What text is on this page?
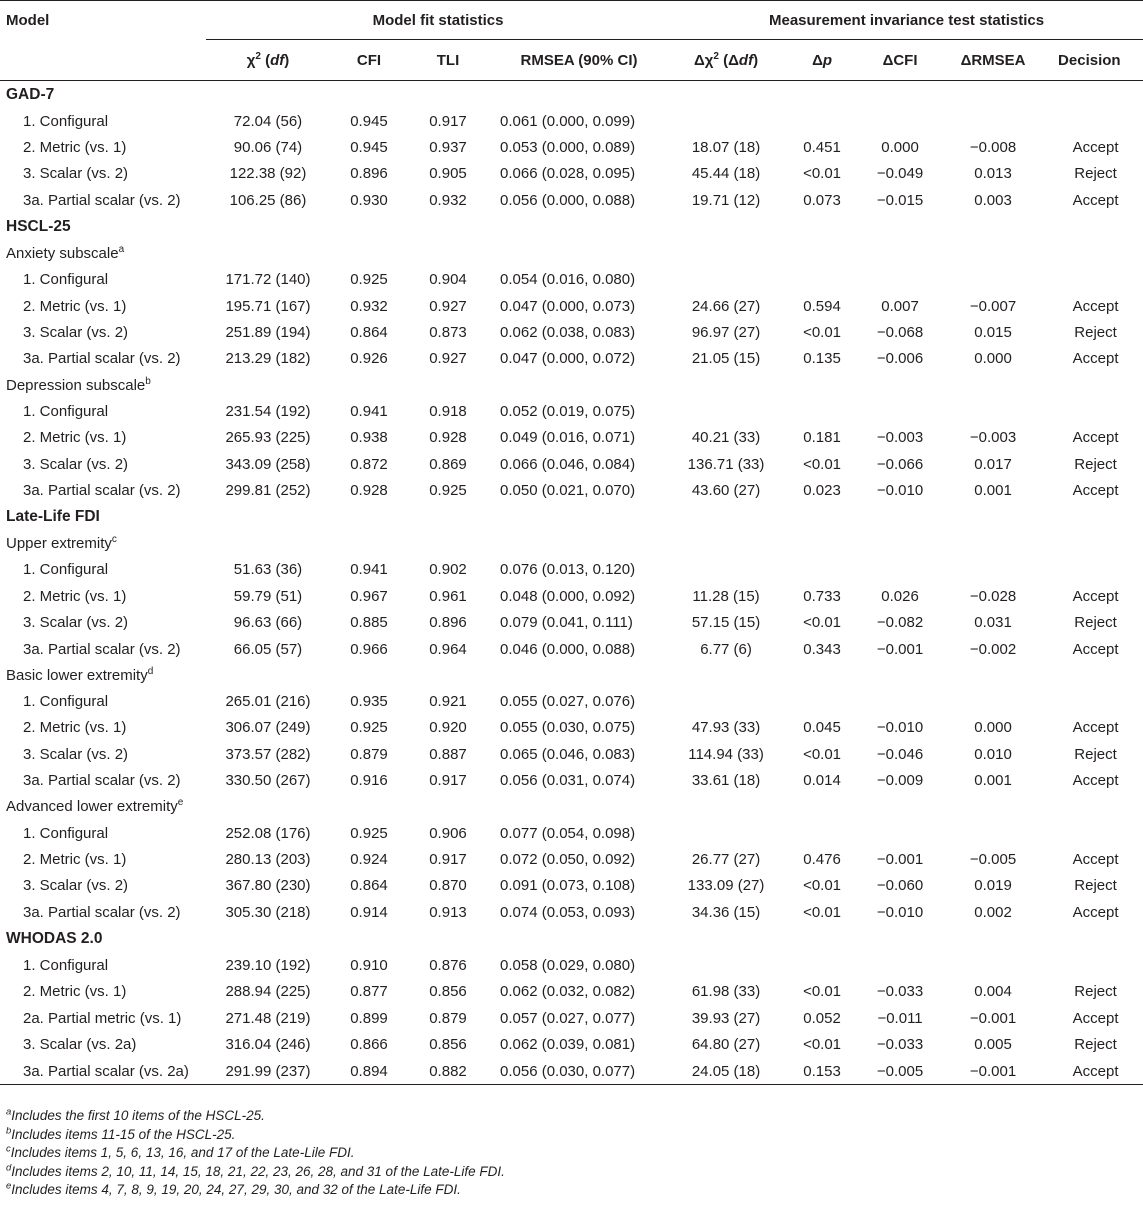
Model	Model fit statistics				Measurement invariance test statistics				
	$\chi^2$ (df)	CFI	TLI	RMSEA (90% CI)	$\Delta\chi^2$ (Δdf)	Δp	ΔCFI	ΔRMSEA	Decision
GAD-7									
1. Configural	72.04 (56)	0.945	0.917	0.061 (0.000, 0.099)					
2. Metric (vs. 1)	90.06 (74)	0.945	0.937	0.053 (0.000, 0.089)	18.07 (18)	0.451	0.000	−0.008	Accept
3. Scalar (vs. 2)	122.38 (92)	0.896	0.905	0.066 (0.028, 0.095)	45.44 (18)	<0.01	−0.049	0.013	Reject
3a. Partial scalar (vs. 2)	106.25 (86)	0.930	0.932	0.056 (0.000, 0.088)	19.71 (12)	0.073	−0.015	0.003	Accept
HSCL-25									
Anxiety subscale$^a$
1. Configural	171.72 (140)	0.925	0.904	0.054 (0.016, 0.080)					
2. Metric (vs. 1)	195.71 (167)	0.932	0.927	0.047 (0.000, 0.073)	24.66 (27)	0.594	0.007	−0.007	Accept
3. Scalar (vs. 2)	251.89 (194)	0.864	0.873	0.062 (0.038, 0.083)	96.97 (27)	<0.01	−0.068	0.015	Reject
3a. Partial scalar (vs. 2)	213.29 (182)	0.926	0.927	0.047 (0.000, 0.072)	21.05 (15)	0.135	−0.006	0.000	Accept
Depression subscale$^b$
1. Configural	231.54 (192)	0.941	0.918	0.052 (0.019, 0.075)					
2. Metric (vs. 1)	265.93 (225)	0.938	0.928	0.049 (0.016, 0.071)	40.21 (33)	0.181	−0.003	−0.003	Accept
3. Scalar (vs. 2)	343.09 (258)	0.872	0.869	0.066 (0.046, 0.084)	136.71 (33)	<0.01	−0.066	0.017	Reject
3a. Partial scalar (vs. 2)	299.81 (252)	0.928	0.925	0.050 (0.021, 0.070)	43.60 (27)	0.023	−0.010	0.001	Accept
Late-Life FDI									
Upper extremity$^c$
1. Configural	51.63 (36)	0.941	0.902	0.076 (0.013, 0.120)					
2. Metric (vs. 1)	59.79 (51)	0.967	0.961	0.048 (0.000, 0.092)	11.28 (15)	0.733	0.026	−0.028	Accept
3. Scalar (vs. 2)	96.63 (66)	0.885	0.896	0.079 (0.041, 0.111)	57.15 (15)	<0.01	−0.082	0.031	Reject
3a. Partial scalar (vs. 2)	66.05 (57)	0.966	0.964	0.046 (0.000, 0.088)	6.77 (6)	0.343	−0.001	−0.002	Accept
Basic lower extremity$^d$
1. Configural	265.01 (216)	0.935	0.921	0.055 (0.027, 0.076)					
2. Metric (vs. 1)	306.07 (249)	0.925	0.920	0.055 (0.030, 0.075)	47.93 (33)	0.045	−0.010	0.000	Accept
3. Scalar (vs. 2)	373.57 (282)	0.879	0.887	0.065 (0.046, 0.083)	114.94 (33)	<0.01	−0.046	0.010	Reject
3a. Partial scalar (vs. 2)	330.50 (267)	0.916	0.917	0.056 (0.031, 0.074)	33.61 (18)	0.014	−0.009	0.001	Accept
Advanced lower extremity$^e$
1. Configural	252.08 (176)	0.925	0.906	0.077 (0.054, 0.098)					
2. Metric (vs. 1)	280.13 (203)	0.924	0.917	0.072 (0.050, 0.092)	26.77 (27)	0.476	−0.001	−0.005	Accept
3. Scalar (vs. 2)	367.80 (230)	0.864	0.870	0.091 (0.073, 0.108)	133.09 (27)	<0.01	−0.060	0.019	Reject
3a. Partial scalar (vs. 2)	305.30 (218)	0.914	0.913	0.074 (0.053, 0.093)	34.36 (15)	<0.01	−0.010	0.002	Accept
WHODAS 2.0									
1. Configural	239.10 (192)	0.910	0.876	0.058 (0.029, 0.080)					
2. Metric (vs. 1)	288.94 (225)	0.877	0.856	0.062 (0.032, 0.082)	61.98 (33)	<0.01	−0.033	0.004	Reject
2a. Partial metric (vs. 1)	271.48 (219)	0.899	0.879	0.057 (0.027, 0.077)	39.93 (27)	0.052	−0.011	−0.001	Accept
3. Scalar (vs. 2a)	316.04 (246)	0.866	0.856	0.062 (0.039, 0.081)	64.80 (27)	<0.01	−0.033	0.005	Reject
3a. Partial scalar (vs. 2a)	291.99 (237)	0.894	0.882	0.056 (0.030, 0.077)	24.05 (18)	0.153	−0.005	−0.001	Accept
$^a$Includes the first 10 items of the HSCL-25.
$^b$Includes items 11-15 of the HSCL-25.
$^c$Includes items 1, 5, 6, 13, 16, and 17 of the Late-Lile FDI.
$^d$Includes items 2, 10, 11, 14, 15, 18, 21, 22, 23, 26, 28, and 31 of the Late-Life FDI.
$^e$Includes items 4, 7, 8, 9, 19, 20, 24, 27, 29, 30, and 32 of the Late-Life FDI.
